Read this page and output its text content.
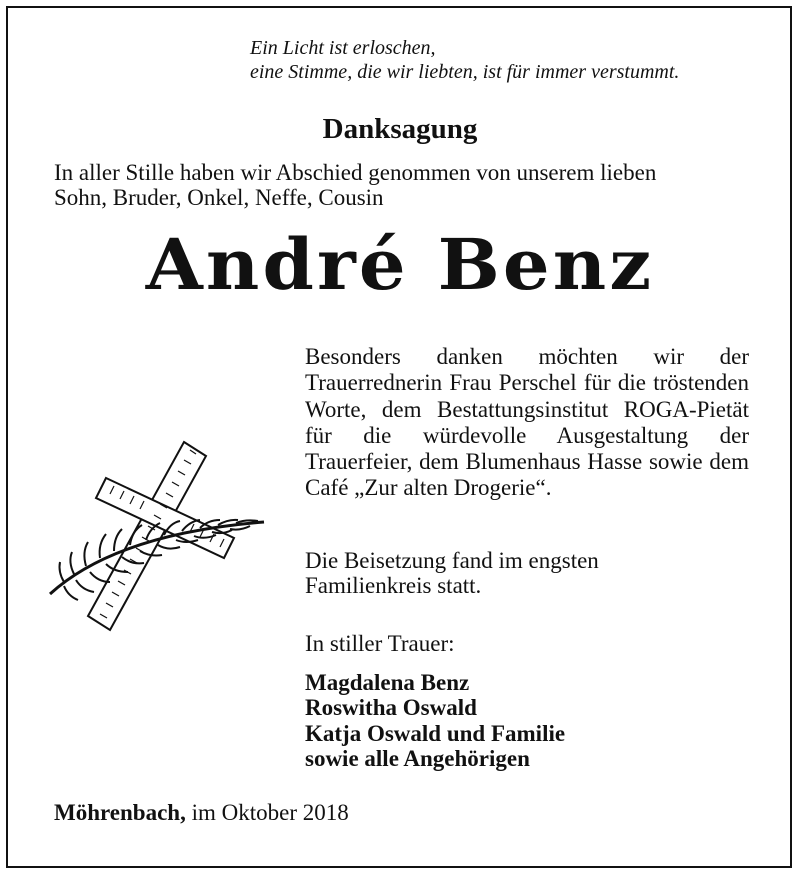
Ein Licht ist erloschen,
eine Stimme, die wir liebten, ist für immer verstummt.
Danksagung
In aller Stille haben wir Abschied genommen von unserem lieben
Sohn, Bruder, Onkel, Neffe, Cousin
André Benz

Besonders danken möchten wir der Trauerrednerin Frau Perschel für die tröstenden Worte, dem Bestattungsinstitut ROGA-Pietät für die würdevolle Ausgestaltung der Trauerfeier, dem Blumenhaus Hasse sowie dem Café „Zur alten Drogerie“.

Die Beisetzung fand im engsten
Familienkreis statt.
In stiller Trauer:
Magdalena Benz
Roswitha Oswald
Katja Oswald und Familie
sowie alle Angehörigen
Möhrenbach, im Oktober 2018
